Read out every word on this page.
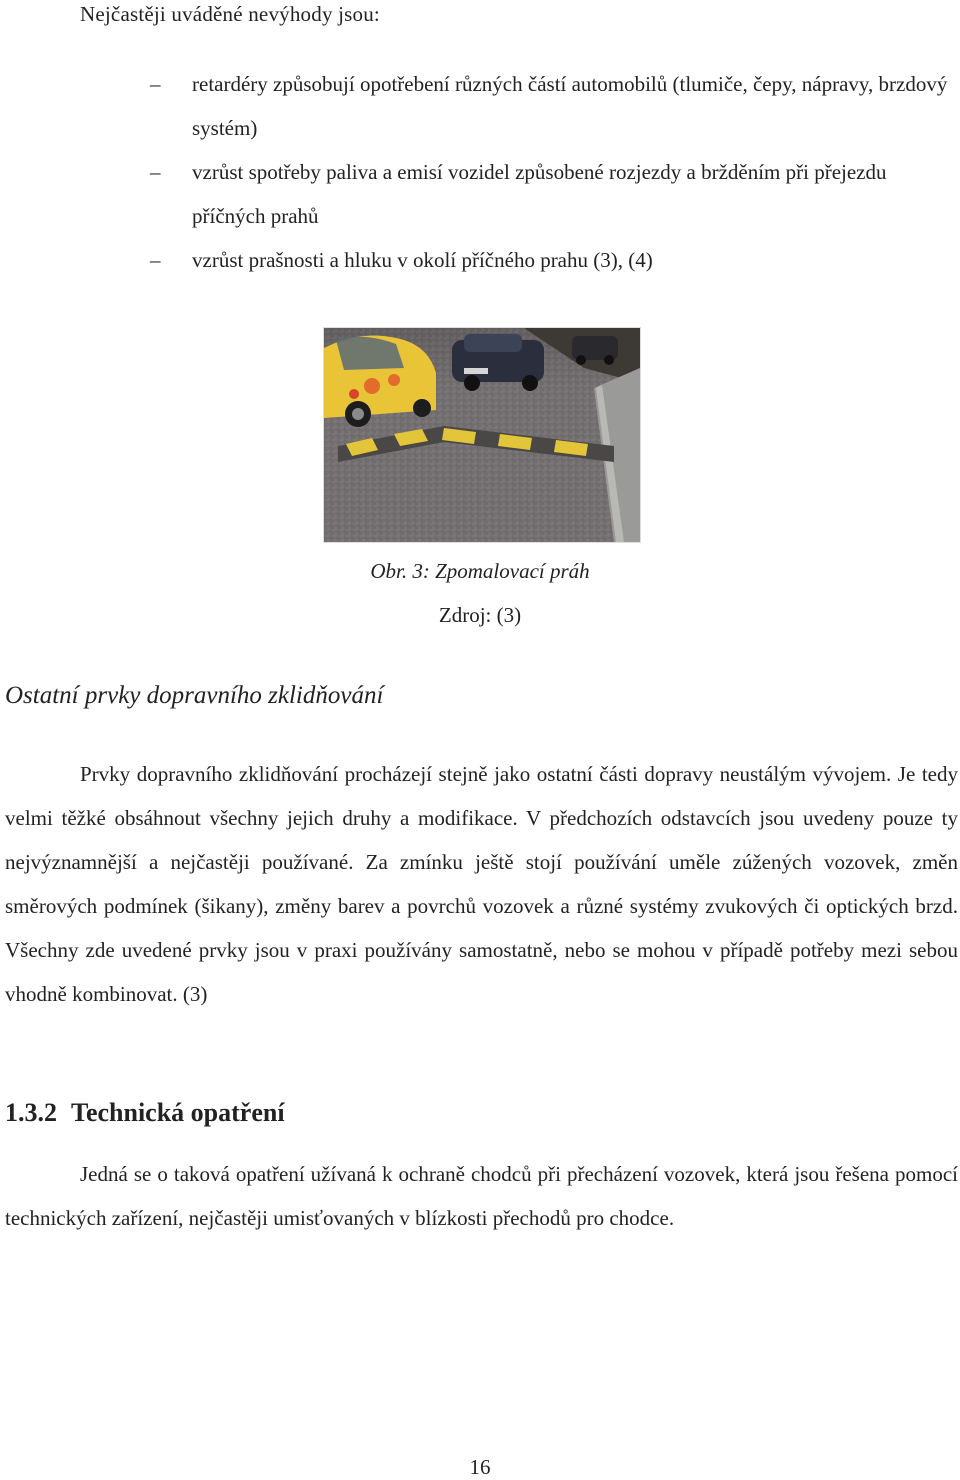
Nejčastěji uváděné nevýhody jsou:
– retardéry způsobují opotřebení různých částí automobilů (tlumiče, čepy, nápravy, brzdový systém)
– vzrůst spotřeby paliva a emisí vozidel způsobené rozjezdy a bržděním při přejezdu příčných prahů
– vzrůst prašnosti a hluku v okolí příčného prahu (3), (4)
Obr. 3: Zpomalovací práh
Zdroj: (3)
Ostatní prvky dopravního zklidňování
Prvky dopravního zklidňování procházejí stejně jako ostatní části dopravy neustálým vývojem. Je tedy velmi těžké obsáhnout všechny jejich druhy a modifikace. V předchozích odstavcích jsou uvedeny pouze ty nejvýznamnější a nejčastěji používané. Za zmínku ještě stojí používání uměle zúžených vozovek, změn směrových podmínek (šikany), změny barev a povrchů vozovek a různé systémy zvukových či optických brzd. Všechny zde uvedené prvky jsou v praxi používány samostatně, nebo se mohou v případě potřeby mezi sebou vhodně kombinovat. (3)
1.3.2 Technická opatření
Jedná se o taková opatření užívaná k ochraně chodců při přecházení vozovek, která jsou řešena pomocí technických zařízení, nejčastěji umisťovaných v blízkosti přechodů pro chodce.
16
